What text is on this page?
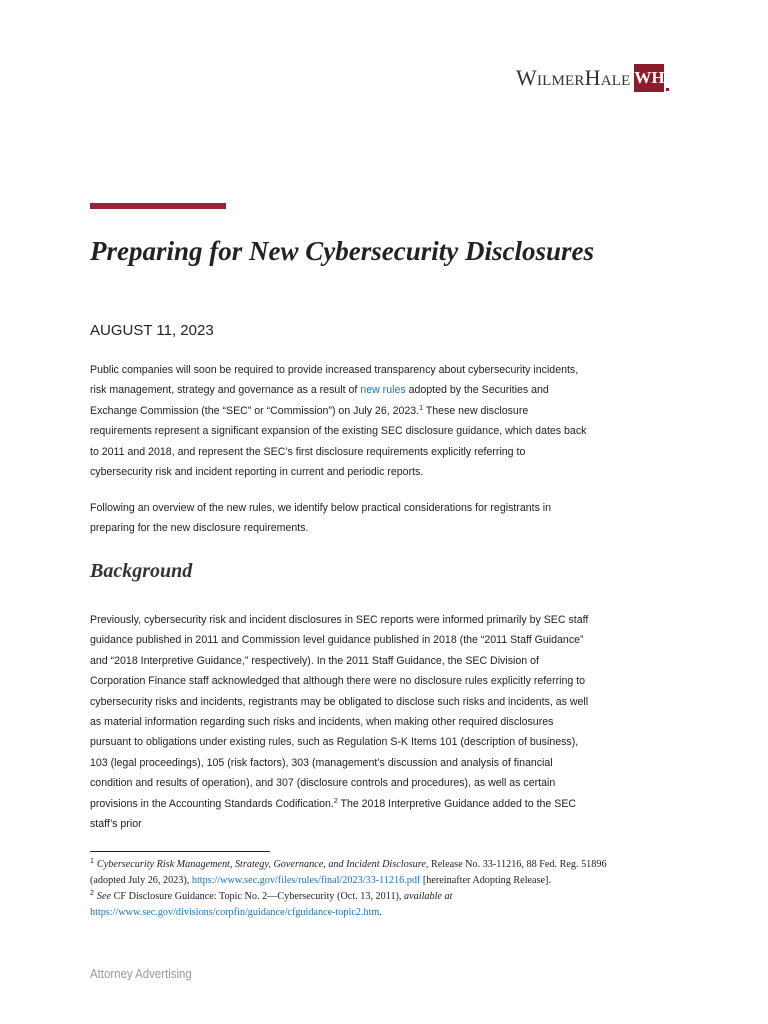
WilmerHale WH
Preparing for New Cybersecurity Disclosures

AUGUST 11, 2023

Public companies will soon be required to provide increased transparency about cybersecurity incidents, risk management, strategy and governance as a result of new rules adopted by the Securities and Exchange Commission (the “SEC” or “Commission”) on July 26, 2023.$^1$ These new disclosure requirements represent a significant expansion of the existing SEC disclosure guidance, which dates back to 2011 and 2018, and represent the SEC’s first disclosure requirements explicitly referring to cybersecurity risk and incident reporting in current and periodic reports.

Following an overview of the new rules, we identify below practical considerations for registrants in preparing for the new disclosure requirements.

Background

Previously, cybersecurity risk and incident disclosures in SEC reports were informed primarily by SEC staff guidance published in 2011 and Commission level guidance published in 2018 (the “2011 Staff Guidance” and “2018 Interpretive Guidance,” respectively). In the 2011 Staff Guidance, the SEC Division of Corporation Finance staff acknowledged that although there were no disclosure rules explicitly referring to cybersecurity risks and incidents, registrants may be obligated to disclose such risks and incidents, as well as material information regarding such risks and incidents, when making other required disclosures pursuant to obligations under existing rules, such as Regulation S-K Items 101 (description of business), 103 (legal proceedings), 105 (risk factors), 303 (management’s discussion and analysis of financial condition and results of operation), and 307 (disclosure controls and procedures), as well as certain provisions in the Accounting Standards Codification.$^2$ The 2018 Interpretive Guidance added to the SEC staff’s prior

$^1$ Cybersecurity Risk Management, Strategy, Governance, and Incident Disclosure, Release No. 33-11216, 88 Fed. Reg. 51896 (adopted July 26, 2023), https://www.sec.gov/files/rules/final/2023/33-11216.pdf [hereinafter Adopting Release].

$^2$ See CF Disclosure Guidance: Topic No. 2—Cybersecurity (Oct. 13, 2011), available at https://www.sec.gov/divisions/corpfin/guidance/cfguidance-topic2.htm.

Attorney Advertising
